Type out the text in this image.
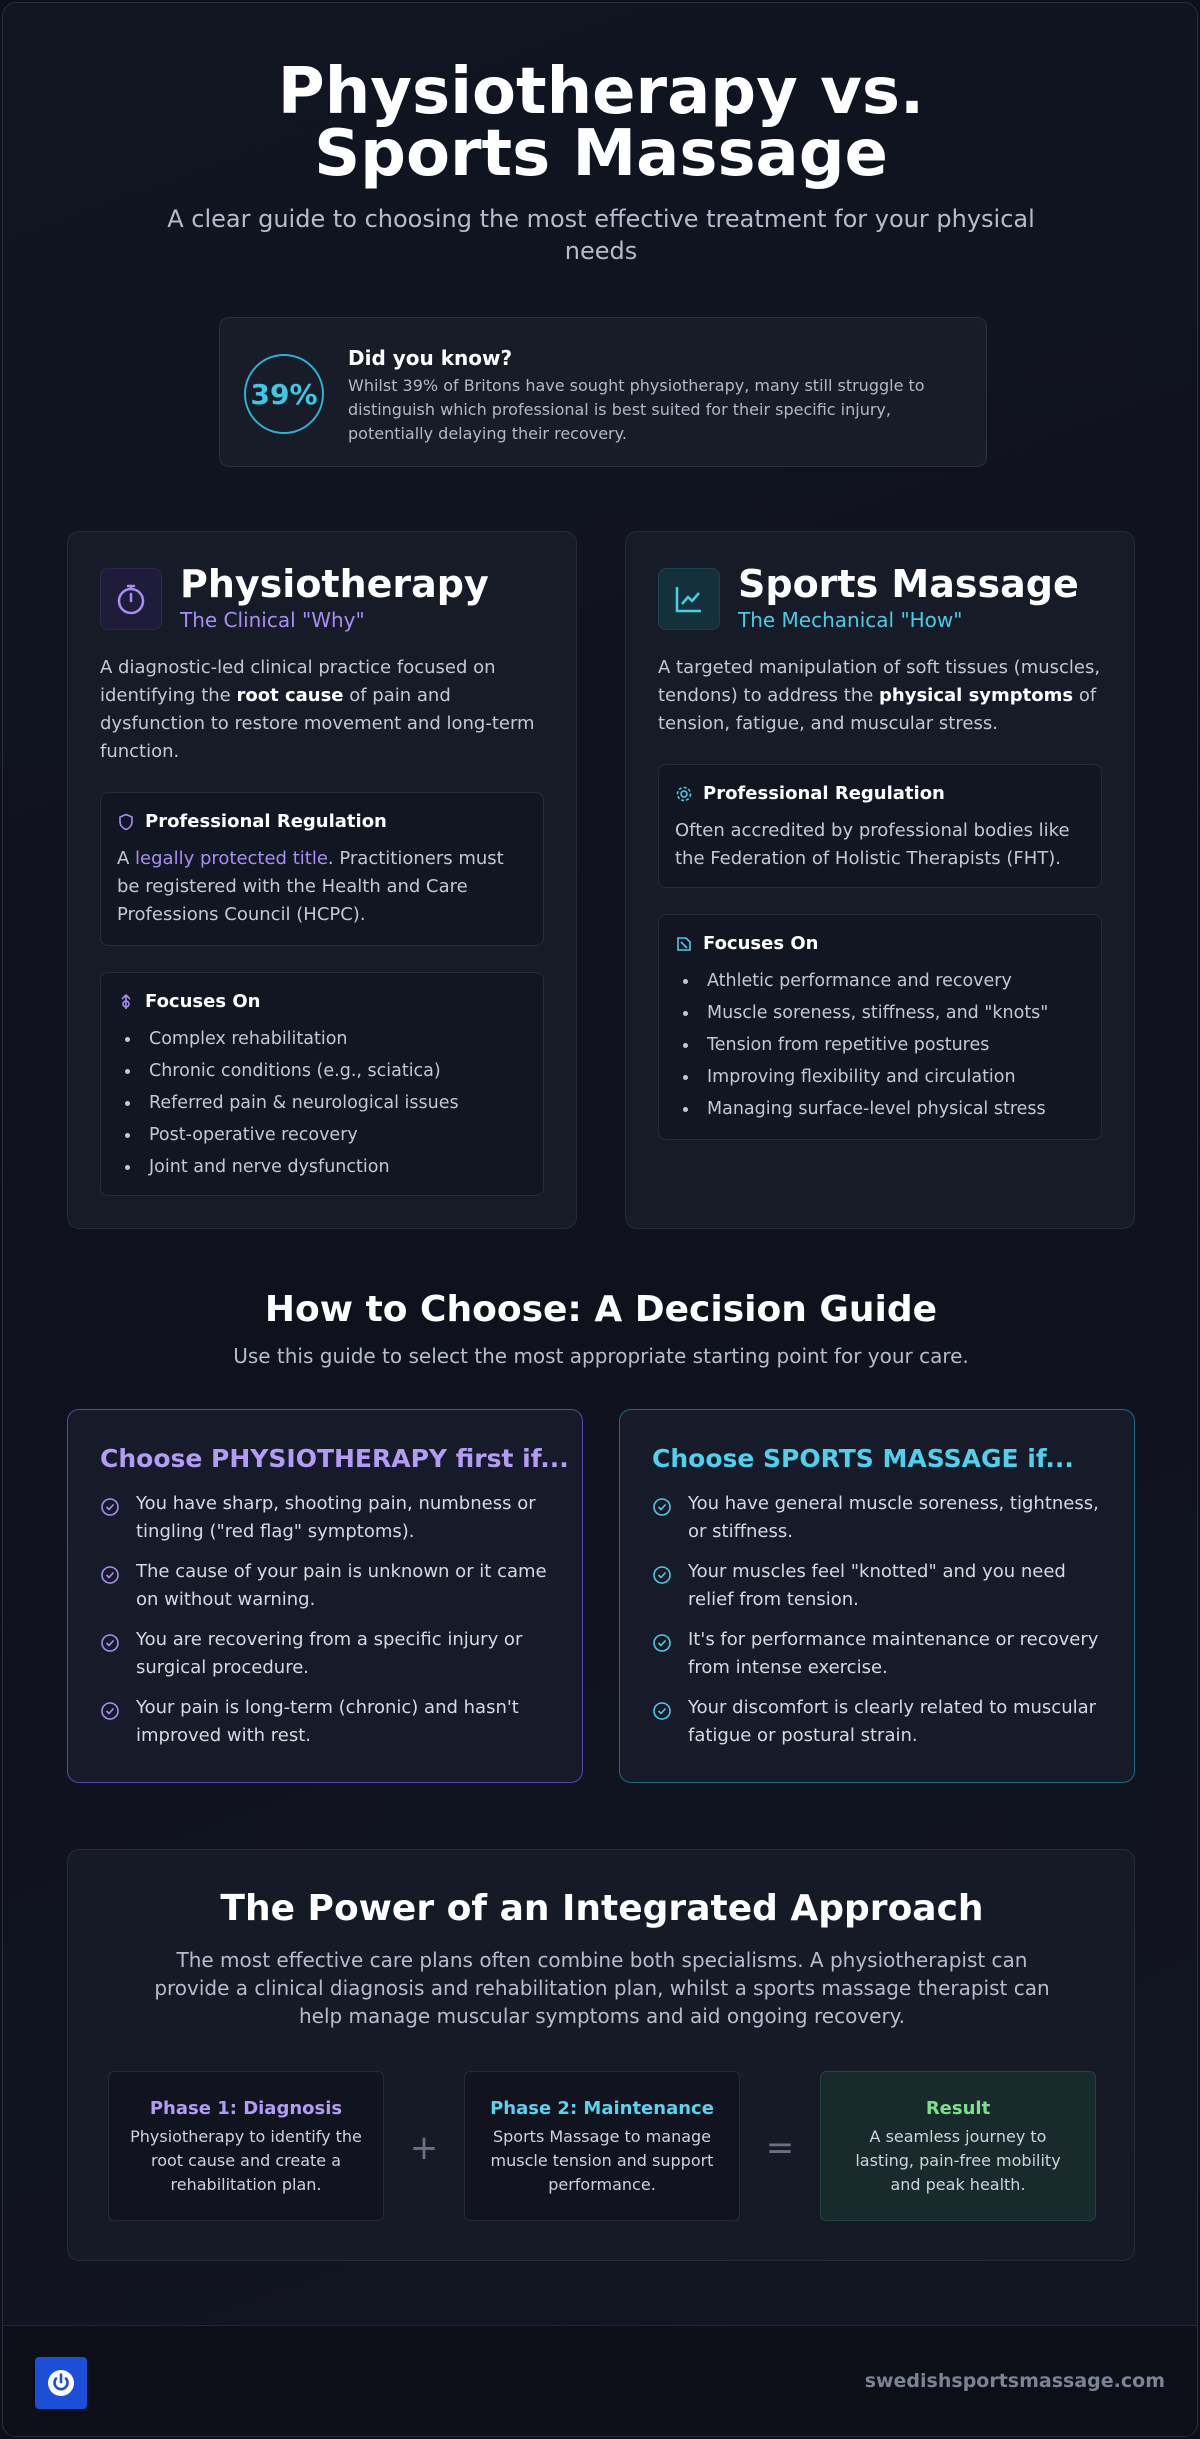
Physiotherapy vs. Sports Massage

A clear guide to choosing the most effective treatment for your physical needs

39%
Did you know?
Whilst 39% of Britons have sought physiotherapy, many still struggle to distinguish which professional is best suited for their specific injury, potentially delaying their recovery.
Physiotherapy
The Clinical "Why"

A diagnostic-led clinical practice focused on identifying the root cause of pain and dysfunction to restore movement and long-term function.

Professional Regulation

A legally protected title. Practitioners must be registered with the Health and Care Professions Council (HCPC).

Focuses On
Complex rehabilitation
Chronic conditions (e.g., sciatica)
Referred pain & neurological issues
Post-operative recovery
Joint and nerve dysfunction
Sports Massage
The Mechanical "How"

A targeted manipulation of soft tissues (muscles, tendons) to address the physical symptoms of tension, fatigue, and muscular stress.

Professional Regulation

Often accredited by professional bodies like the Federation of Holistic Therapists (FHT).

Focuses On
Athletic performance and recovery
Muscle soreness, stiffness, and "knots"
Tension from repetitive postures
Improving flexibility and circulation
Managing surface-level physical stress
How to Choose: A Decision Guide

Use this guide to select the most appropriate starting point for your care.

Choose PHYSIOTHERAPY first if...
You have sharp, shooting pain, numbness or tingling ("red flag" symptoms).
The cause of your pain is unknown or it came on without warning.
You are recovering from a specific injury or surgical procedure.
Your pain is long-term (chronic) and hasn't improved with rest.
Choose SPORTS MASSAGE if...
You have general muscle soreness, tightness, or stiffness.
Your muscles feel "knotted" and you need relief from tension.
It's for performance maintenance or recovery from intense exercise.
Your discomfort is clearly related to muscular fatigue or postural strain.
The Power of an Integrated Approach

The most effective care plans often combine both specialisms. A physiotherapist can provide a clinical diagnosis and rehabilitation plan, whilst a sports massage therapist can help manage muscular symptoms and aid ongoing recovery.

Phase 1: Diagnosis
Physiotherapy to identify the root cause and create a rehabilitation plan.
+
Phase 2: Maintenance
Sports Massage to manage muscle tension and support performance.
=
Result
A seamless journey to lasting, pain-free mobility and peak health.
swedishsportsmassage.com
